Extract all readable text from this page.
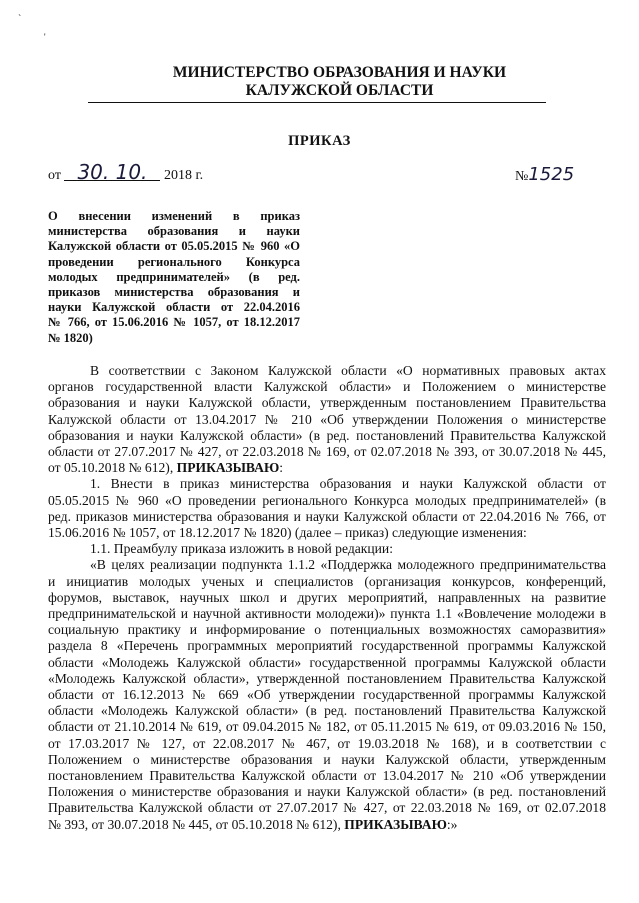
`
'
МИНИСТЕРСТВО ОБРАЗОВАНИЯ И НАУКИ
КАЛУЖСКОЙ ОБЛАСТИ
ПРИКАЗ
от 30. 10. 2018 г.	№1525
О внесении изменений в приказ
министерства образования и науки
Калужской области от 05.05.2015 № 960 «О
проведении регионального Конкурса
молодых предпринимателей» (в ред.
приказов министерства образования и
науки Калужской области от 22.04.2016
№ 766, от 15.06.2016 № 1057, от 18.12.2017
№ 1820)
В соответствии с Законом Калужской области «О нормативных правовых актах
органов государственной власти Калужской области» и Положением о министерстве
образования и науки Калужской области, утвержденным постановлением Правительства
Калужской области от 13.04.2017 № 210 «Об утверждении Положения о министерстве
образования и науки Калужской области» (в ред. постановлений Правительства Калужской
области от 27.07.2017 № 427, от 22.03.2018 № 169, от 02.07.2018 № 393, от 30.07.2018 № 445,
от 05.10.2018 № 612), ПРИКАЗЫВАЮ:
1. Внести в приказ министерства образования и науки Калужской области от
05.05.2015 № 960 «О проведении регионального Конкурса молодых предпринимателей» (в
ред. приказов министерства образования и науки Калужской области от 22.04.2016 № 766, от
15.06.2016 № 1057, от 18.12.2017 № 1820) (далее – приказ) следующие изменения:
1.1. Преамбулу приказа изложить в новой редакции:
«В целях реализации подпункта 1.1.2 «Поддержка молодежного предпринимательства
и инициатив молодых ученых и специалистов (организация конкурсов, конференций,
форумов, выставок, научных школ и других мероприятий, направленных на развитие
предпринимательской и научной активности молодежи)» пункта 1.1 «Вовлечение молодежи в
социальную практику и информирование о потенциальных возможностях саморазвития»
раздела 8 «Перечень программных мероприятий государственной программы Калужской
области «Молодежь Калужской области» государственной программы Калужской области
«Молодежь Калужской области», утвержденной постановлением Правительства Калужской
области от 16.12.2013 № 669 «Об утверждении государственной программы Калужской
области «Молодежь Калужской области» (в ред. постановлений Правительства Калужской
области от 21.10.2014 № 619, от 09.04.2015 № 182, от 05.11.2015 № 619, от 09.03.2016 № 150,
от 17.03.2017 № 127, от 22.08.2017 № 467, от 19.03.2018 № 168), и в соответствии с
Положением о министерстве образования и науки Калужской области, утвержденным
постановлением Правительства Калужской области от 13.04.2017 № 210 «Об утверждении
Положения о министерстве образования и науки Калужской области» (в ред. постановлений
Правительства Калужской области от 27.07.2017 № 427, от 22.03.2018 № 169, от 02.07.2018
№ 393, от 30.07.2018 № 445, от 05.10.2018 № 612), ПРИКАЗЫВАЮ:»
